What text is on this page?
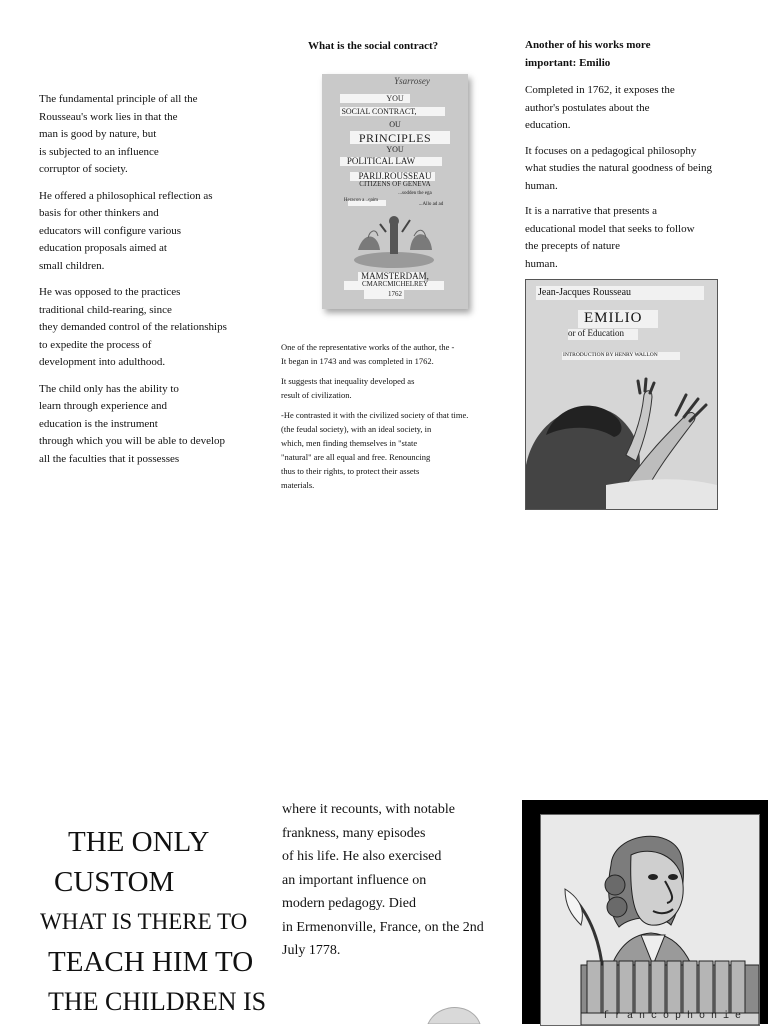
The fundamental principle of all the
Rousseau's work lies in that the
man is good by nature, but
is subjected to an influence
corruptor of society.

He offered a philosophical reflection as
basis for other thinkers and
educators will configure various
education proposals aimed at
small children.

He was opposed to the practices
traditional child-rearing, since
they demanded control of the relationships
to expedite the process of
development into adulthood.

The child only has the ability to
learn through experience and
education is the instrument
through which you will be able to develop
all the faculties that it possesses

What is the social contract?
Ysarrosey
YOU
SOCIAL CONTRACT,
OU
PRINCIPLES
YOU
POLITICAL LAW
PARIJ.ROUSSEAU
CITIZENS OF GENEVA
...sodden the ega
Heracon a...qaim
...Allo ad ad
MAMSTERDAM,
CMARCMICHELREY
1762

One of the representative works of the author, the -
It began in 1743 and was completed in 1762.

It suggests that inequality developed as
result of civilization.

-He contrasted it with the civilized society of that time.
(the feudal society), with an ideal society, in
which, men finding themselves in "state
"natural" are all equal and free. Renouncing
thus to their rights, to protect their assets
materials.

Another of his works more
important: Emilio

Completed in 1762, it exposes the
author's postulates about the
education.

It focuses on a pedagogical philosophy
what studies the natural goodness of being
human.

It is a narrative that presents a
educational model that seeks to follow
the precepts of nature
human.

Jean-Jacques Rousseau
EMILIO
or of Education
INTRODUCTION BY HENRY WALLON
THE ONLY
CUSTOM
WHAT IS THERE TO
TEACH HIM TO
THE CHILDREN IS
where it recounts, with notable
frankness, many episodes
of his life. He also exercised
an important influence on
modern pedagogy. Died
in Ermenonville, France, on the 2nd
July 1778.
francophonie
